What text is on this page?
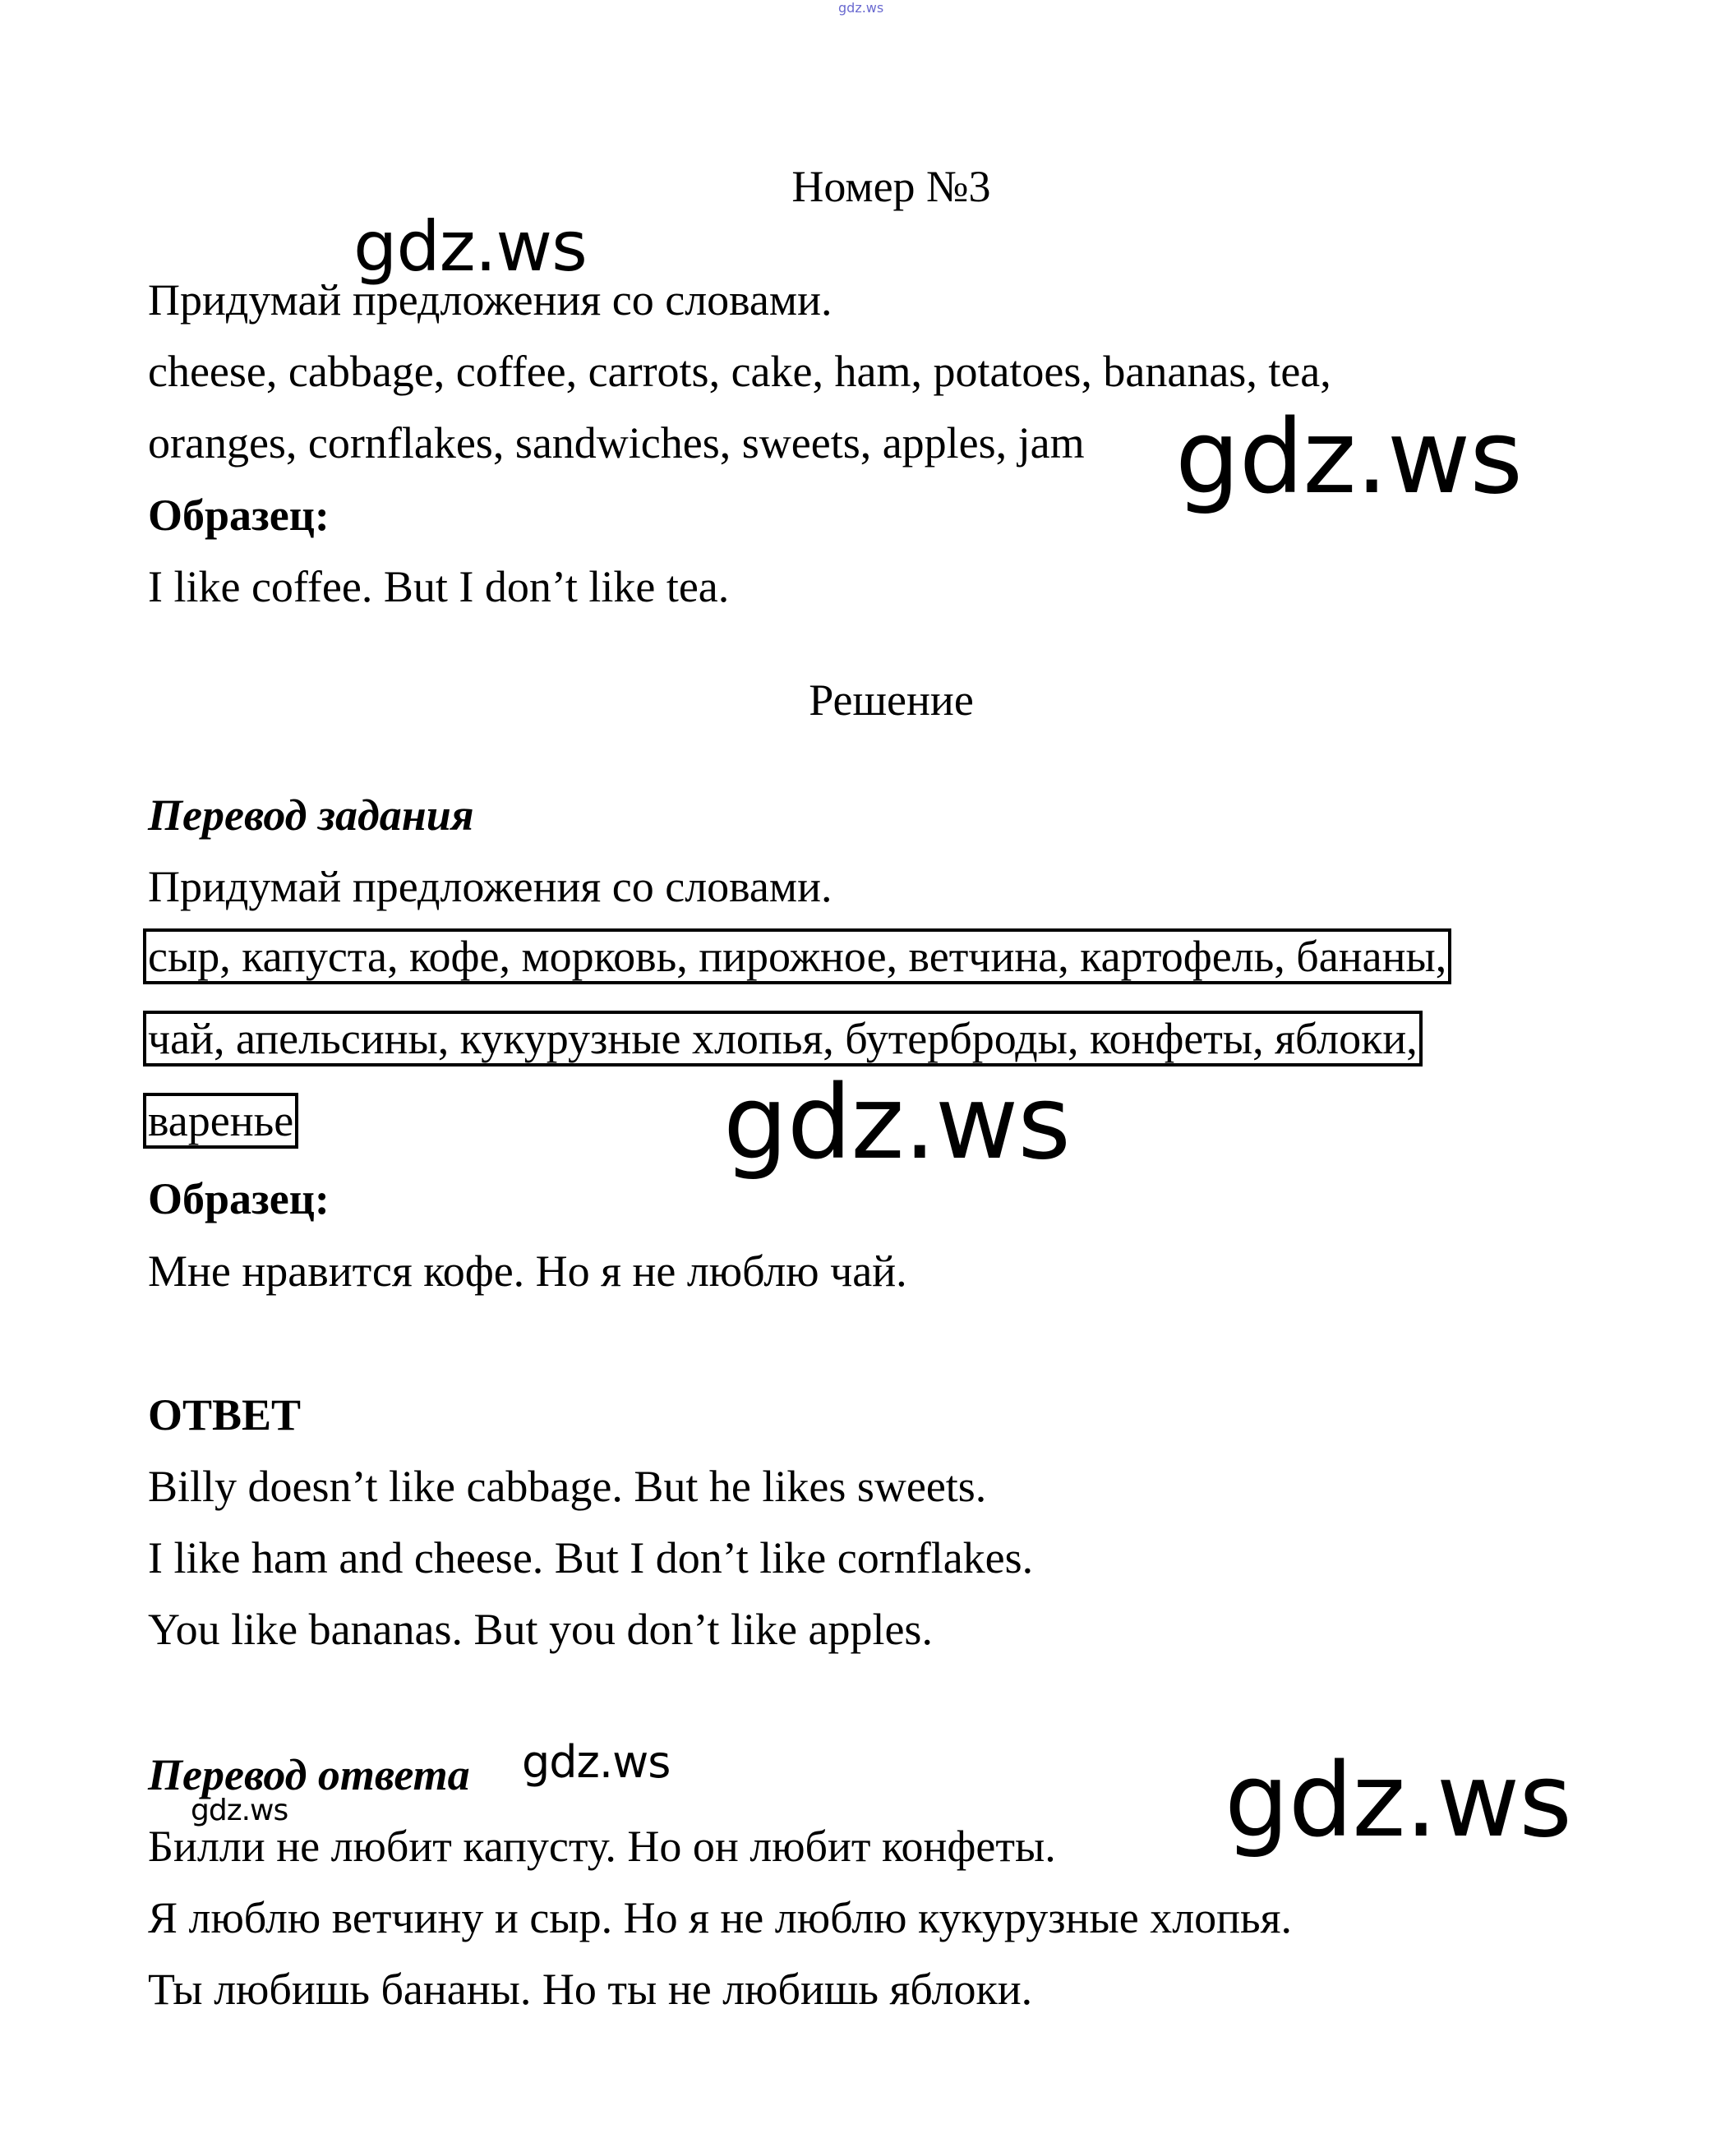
gdz.ws
Номер №3
Придумай предложения со словами.
cheese, cabbage, coffee, carrots, cake, ham, potatoes, bananas, tea,
oranges, cornflakes, sandwiches, sweets, apples, jam
Образец:
I like coffee. But I don’t like tea.
Решение
Перевод задания
Придумай предложения со словами.
сыр, капуста, кофе, морковь, пирожное, ветчина, картофель, бананы,
чай, апельсины, кукурузные хлопья, бутерброды, конфеты, яблоки,
варенье
Образец:
Мне нравится кофе. Но я не люблю чай.
ОТВЕТ
Billy doesn’t like cabbage. But he likes sweets.
I like ham and cheese. But I don’t like cornflakes.
You like bananas. But you don’t like apples.
Перевод ответа
Билли не любит капусту. Но он любит конфеты.
Я люблю ветчину и сыр. Но я не люблю кукурузные хлопья.
Ты любишь бананы. Но ты не любишь яблоки.
gdz.ws
gdz.ws
gdz.ws
gdz.ws
gdz.ws	gdz.ws
